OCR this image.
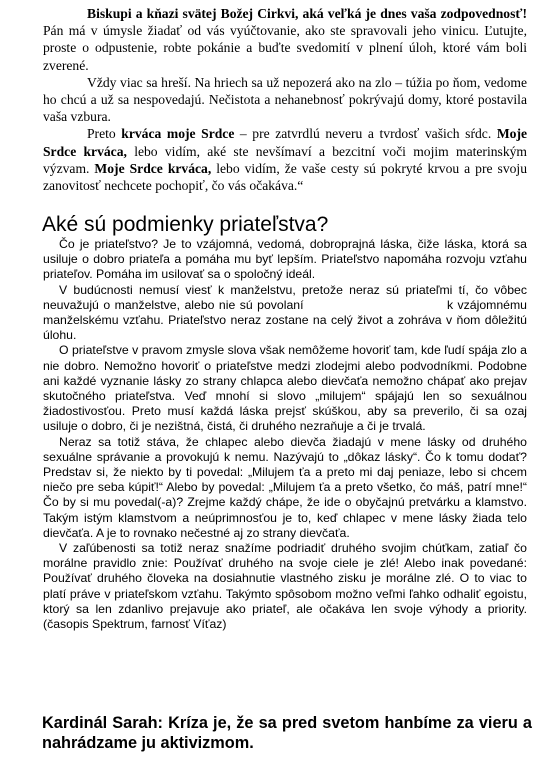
Biskupi a kňazi svätej Božej Cirkvi, aká veľká je dnes vaša zodpovednosť! Pán má v úmysle žiadať od vás vyúčtovanie, ako ste spravovali jeho vinicu. Ľutujte, proste o odpustenie, robte pokánie a buďte svedomití v plnení úloh, ktoré vám boli zverené.

Vždy viac sa hreší. Na hriech sa už nepozerá ako na zlo – túžia po ňom, vedome ho chcú a už sa nespovedajú. Nečistota a nehanebnosť pokrývajú domy, ktoré postavila vaša vzbura.

Preto krváca moje Srdce – pre zatvrdlú neveru a tvrdosť vašich sŕdc. Moje Srdce krváca, lebo vidím, aké ste nevšímaví a bezcitní voči mojim materinským výzvam. Moje Srdce krváca, lebo vidím, že vaše cesty sú pokryté krvou a pre svoju zanovitosť nechcete pochopiť, čo vás očakáva.“

Aké sú podmienky priateľstva?

Čo je priateľstvo? Je to vzájomná, vedomá, dobroprajná láska, čiže láska, ktorá sa usiluje o dobro priateľa a pomáha mu byť lepším. Priateľstvo napomáha rozvoju vzťahu priateľov. Pomáha im usilovať sa o spoločný ideál.

V budúcnosti nemusí viesť k manželstvu, pretože neraz sú priateľmi tí, čo vôbec neuvažujú o manželstve, alebo nie sú povolaní                                k vzájomnému manželskému vzťahu. Priateľstvo neraz zostane na celý život a zohráva v ňom dôležitú úlohu.

O priateľstve v pravom zmysle slova však nemôžeme hovoriť tam, kde ľudí spája zlo a nie dobro. Nemožno hovoriť o priateľstve medzi zlodejmi alebo podvodníkmi. Podobne ani každé vyznanie lásky zo strany chlapca alebo dievčaťa nemožno chápať ako prejav skutočného priateľstva. Veď mnohí si slovo „milujem“ spájajú len so sexuálnou žiadostivosťou. Preto musí každá láska prejsť skúškou, aby sa preverilo, či sa ozaj usiluje o dobro, či je nezištná, čistá, či druhého nezraňuje a či je trvalá.

Neraz sa totiž stáva, že chlapec alebo dievča žiadajú v mene lásky od druhého sexuálne správanie a provokujú k nemu. Nazývajú to „dôkaz lásky“. Čo k tomu dodať? Predstav si, že niekto by ti povedal: „Milujem ťa a preto mi daj peniaze, lebo si chcem niečo pre seba kúpiť!“ Alebo by povedal: „Milujem ťa a preto všetko, čo máš, patrí mne!“ Čo by si mu povedal(-a)? Zrejme každý chápe, že ide o obyčajnú pretvárku a klamstvo. Takým istým klamstvom a neúprimnosťou je to, keď chlapec v mene lásky žiada telo dievčaťa. A je to rovnako nečestné aj zo strany dievčaťa.

V zaľúbenosti sa totiž neraz snažíme podriadiť druhého svojim chúťkam, zatiaľ čo morálne pravidlo znie: Používať druhého na svoje ciele je zlé! Alebo inak povedané: Používať druhého človeka na dosiahnutie vlastného zisku je morálne zlé. O to viac to platí práve v priateľskom vzťahu. Takýmto spôsobom možno veľmi ľahko odhaliť egoistu, ktorý sa len zdanlivo prejavuje ako priateľ, ale očakáva len svoje výhody a priority. (časopis Spektrum, farnosť Víťaz)

Kardinál Sarah: Kríza je, že sa pred svetom hanbíme za vieru a nahrádzame ju aktivizmom.
